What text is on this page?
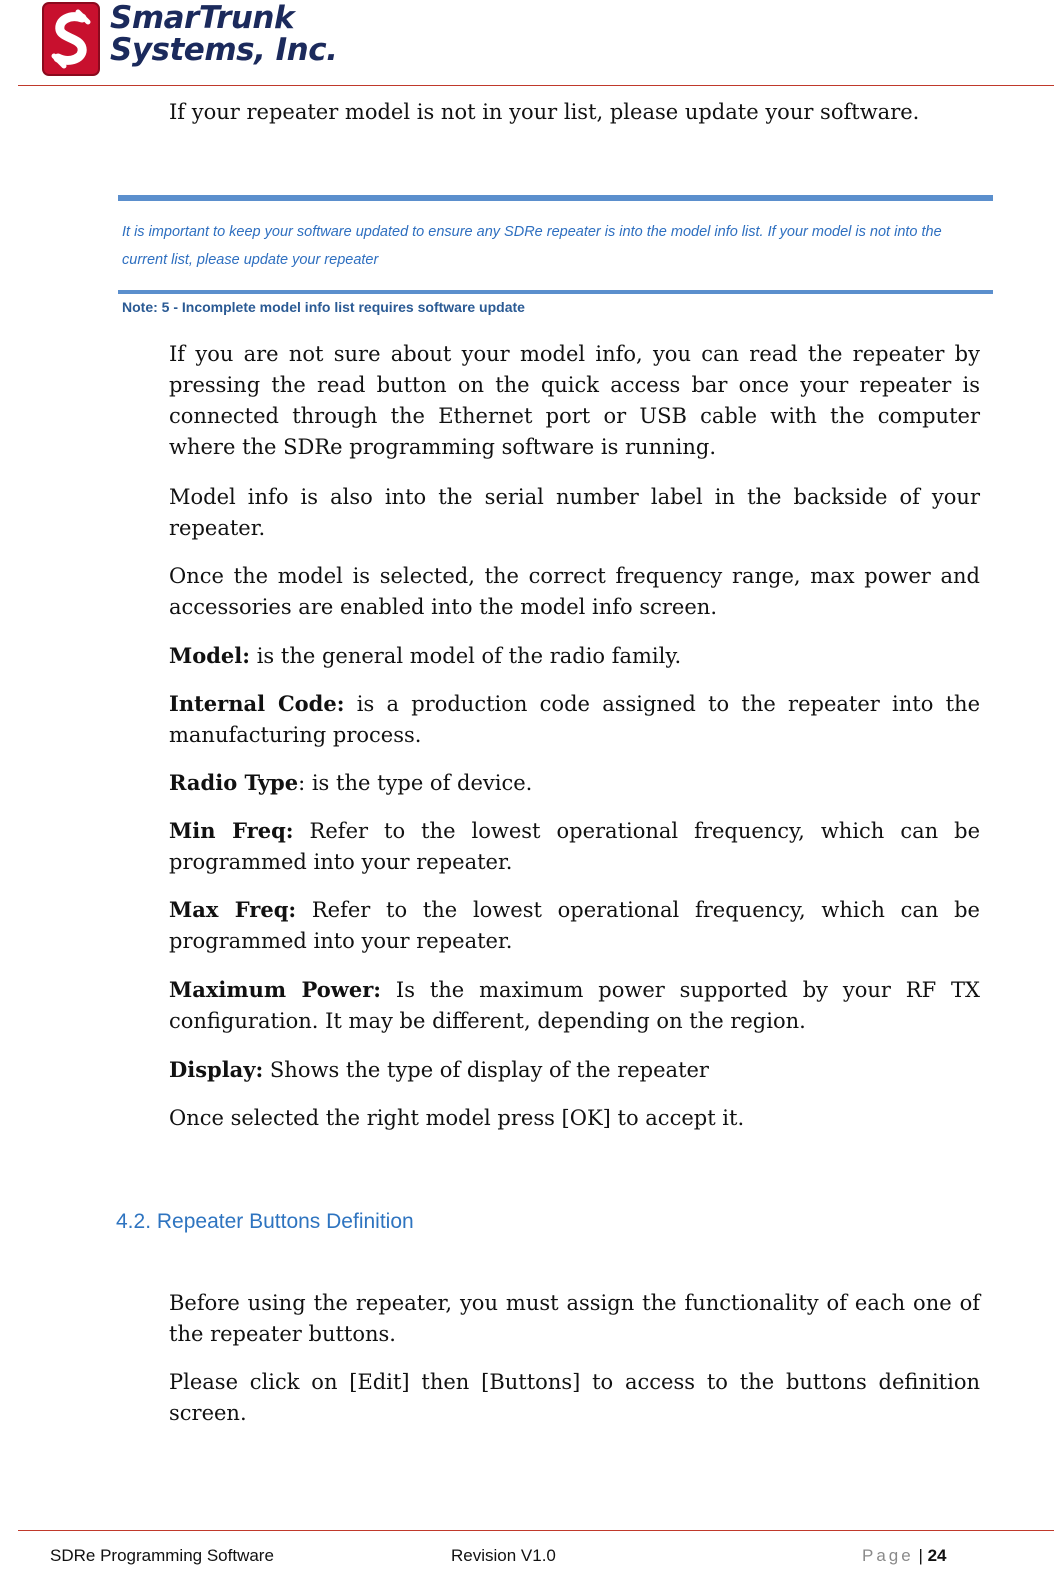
SmarTrunk
Systems, Inc.

If your repeater model is not in your list, please update your software.

It is important to keep your software updated to ensure any SDRe repeater is into the model info list. If your model is not into the current list, please update your repeater
Note: 5 - Incomplete model info list requires software update

If you are not sure about your model info, you can read the repeater by pressing the read button on the quick access bar once your repeater is connected through the Ethernet port or USB cable with the computer where the SDRe programming software is running.

Model info is also into the serial number label in the backside of your repeater.

Once the model is selected, the correct frequency range, max power and accessories are enabled into the model info screen.

Model: is the general model of the radio family.

Internal Code: is a production code assigned to the repeater into the manufacturing process.

Radio Type: is the type of device.

Min Freq: Refer to the lowest operational frequency, which can be programmed into your repeater.

Max Freq: Refer to the lowest operational frequency, which can be programmed into your repeater.

Maximum Power: Is the maximum power supported by your RF TX configuration. It may be different, depending on the region.

Display: Shows the type of display of the repeater

Once selected the right model press [OK] to accept it.

4.2. Repeater Buttons Definition

Before using the repeater, you must assign the functionality of each one of the repeater buttons.

Please click on [Edit] then [Buttons] to access to the buttons definition screen.

SDRe Programming Software	Revision V1.0	Page | 24
